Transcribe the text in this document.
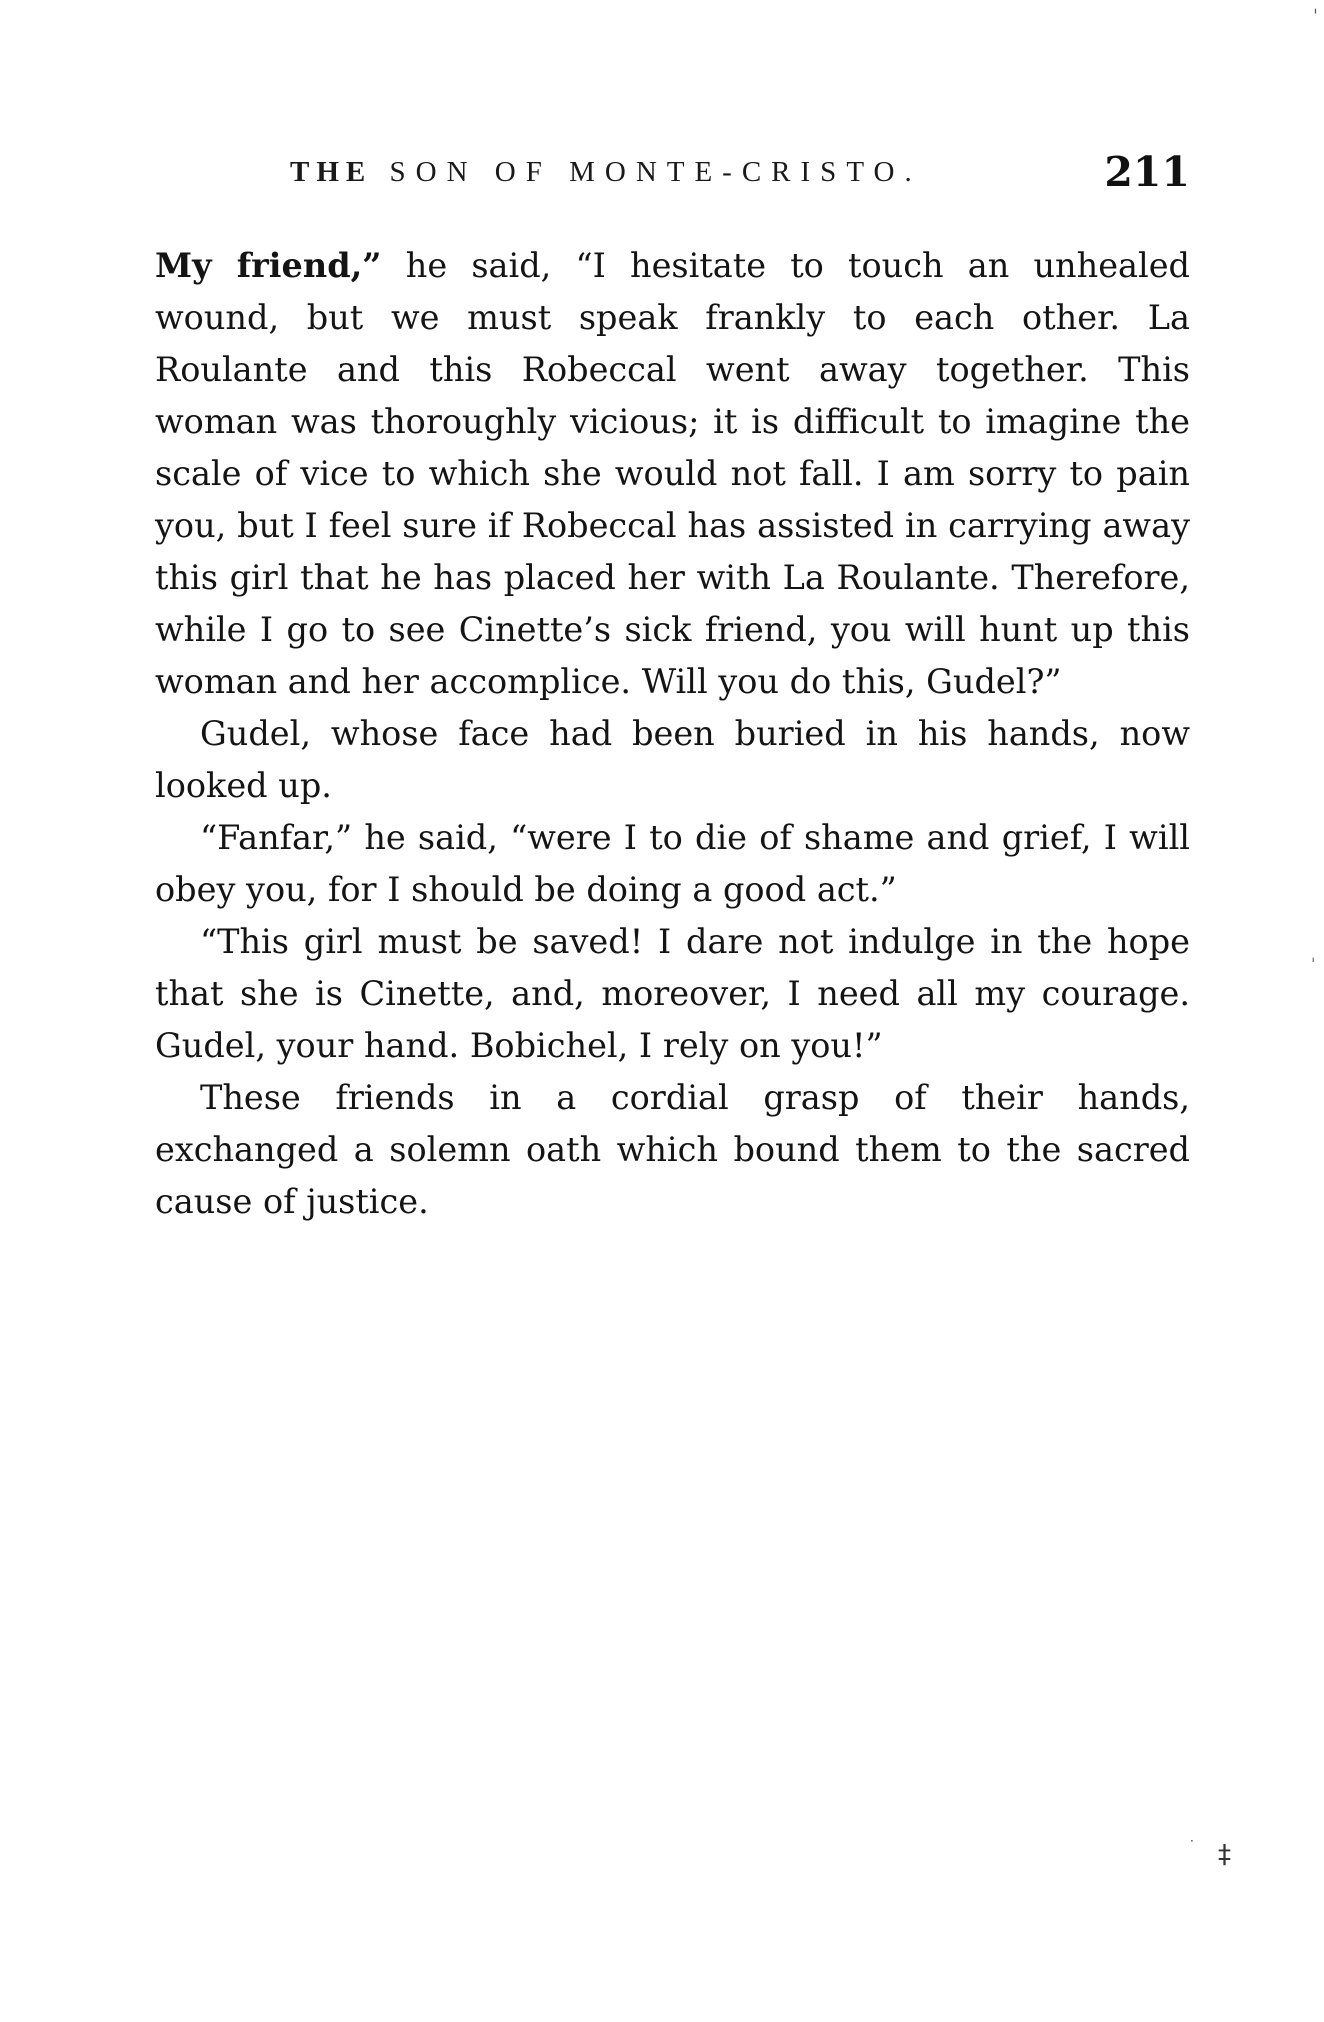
THE SON OF MONTE-CRISTO.	211

My friend,” he said, “I hesitate to touch an unhealed wound, but we must speak frankly to each other. La Roulante and this Robeccal went away together. This woman was thoroughly vicious; it is difficult to imagine the scale of vice to which she would not fall. I am sorry to pain you, but I feel sure if Robeccal has assisted in carrying away this girl that he has placed her with La Roulante. Therefore, while I go to see Cinette’s sick friend, you will hunt up this woman and her accomplice. Will you do this, Gudel?”

Gudel, whose face had been buried in his hands, now looked up.

“Fanfar,” he said, “were I to die of shame and grief, I will obey you, for I should be doing a good act.”

“This girl must be saved! I dare not indulge in the hope that she is Cinette, and, moreover, I need all my courage. Gudel, your hand. Bobichel, I rely on you!”

These friends in a cordial grasp of their hands, exchanged a solemn oath which bound them to the sacred cause of justice.

ˈ
ˈ
· ‡
